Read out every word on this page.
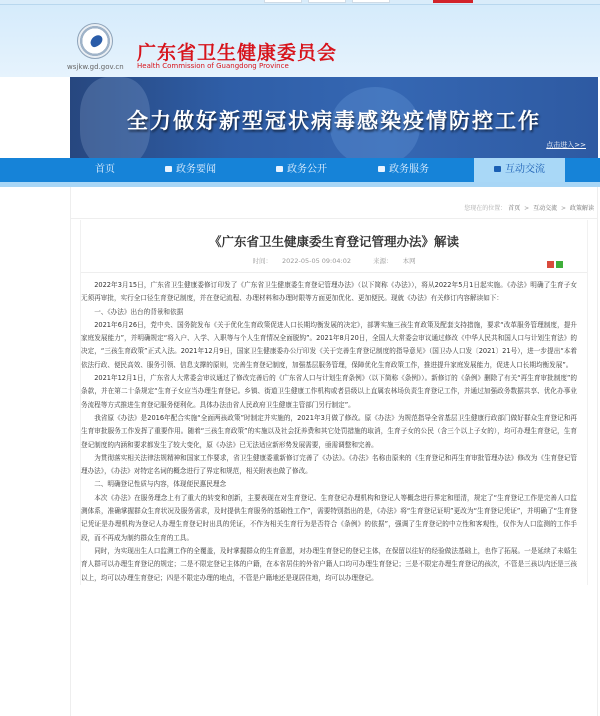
wsjkw.gd.gov.cn
广东省卫生健康委员会
Health Commission of Guangdong Province
全力做好新型冠状病毒感染疫情防控工作
点击进入>>
首页	政务要闻	政务公开	政务服务	互动交流
您现在的位置： 首页 > 互动交流 > 政策解读
《广东省卫生健康委生育登记管理办法》解读
时间： 2022-05-05 09:04:02	来源： 本网

2022年3月15日，广东省卫生健康委修订印发了《广东省卫生健康委生育登记管理办法》（以下简称《办法》），将从2022年5月1日起实施。《办法》明确了生育子女无须再审批，实行全口径生育登记制度，并在登记流程、办理材料和办理时限等方面更加优化、更加便民。现就《办法》有关修订内容解读如下：

一、《办法》出台的背景和依据

2021年6月26日，党中央、国务院发布《关于优化生育政策促进人口长期均衡发展的决定》，部署实施三孩生育政策及配套支持措施，要求“改革服务管理制度，提升家庭发展能力”，并明确规定“将入户、入学、入职等与个人生育情况全面脱钩”。2021年8月20日，全国人大常委会审议通过修改《中华人民共和国人口与计划生育法》的决定，“三孩生育政策”正式入法。2021年12月9日，国家卫生健康委办公厅印发《关于完善生育登记制度的指导意见》（国卫办人口发〔2021〕21号），进一步提出“本着依法行政、便民高效、服务引领、信息支撑的原则，完善生育登记制度，加强基层服务管理，保障优化生育政策工作，推进提升家庭发展能力，促进人口长期均衡发展”。

2021年12月1日，广东省人大常委会审议通过了修改完善后的《广东省人口与计划生育条例》（以下简称《条例》）。新修订的《条例》删除了有关“再生育审批制度”的条款，并在第二十条规定“生育子女应当办理生育登记。乡镇、街道卫生健康工作机构或者县级以上直属农林场负责生育登记工作，并通过加强政务数据共享、优化办事业务流程等方式推进生育登记服务便利化。具体办法由省人民政府卫生健康主管部门另行制定”。

我省原《办法》是2016年配合实施“全面两孩政策”时制定并实施的，2021年3月做了修改。原《办法》为规范指导全省基层卫生健康行政部门做好群众生育登记和再生育审批服务工作发挥了重要作用。随着“三孩生育政策”的实施以及社会抚养费和其它处罚措施的取消，生育子女的公民（含三个以上子女的），均可办理生育登记，生育登记制度的内涵和要求都发生了较大变化，原《办法》已无法适应新形势发展需要，亟需调整和完善。

为贯彻落实相关法律法规精神和国家工作要求，省卫生健康委重新修订完善了《办法》。《办法》名称由原来的《生育登记和再生育审批管理办法》修改为《生育登记管理办法》，《办法》对特定名词的概念进行了界定和规范，相关附表也做了修改。

二、明确登记性质与内容，体现便民惠民理念

本次《办法》在服务理念上有了重大的转变和创新，主要表现在对生育登记、生育登记办理机构和登记人等概念进行界定和厘清，规定了“生育登记工作是完善人口监测体系，准确掌握群众生育状况及服务需求，及时提供生育服务的基础性工作”，需要特别指出的是，《办法》将“生育登记证明”更改为“生育登记凭证”，并明确了“生育登记凭证是办理机构为登记人办理生育登记时出具的凭证，不作为相关生育行为是否符合《条例》的依据”，强调了生育登记的中立性和客观性，仅作为人口监测的工作手段，而不再成为制约群众生育的工具。

同时，为实现出生人口监测工作的全覆盖，及时掌握群众的生育意愿，对办理生育登记的登记主体，在保留以往好的经验做法基础上，也作了拓展。一是延续了未婚生育人群可以办理生育登记的规定；二是不限定登记主体的户籍，在本省居住的外省户籍人口均可办理生育登记；三是不限定办理生育登记的孩次，不管是三孩以内还是三孩以上，均可以办理生育登记；四是不限定办理的地点，不管是户籍地还是现居住地，均可以办理登记。
